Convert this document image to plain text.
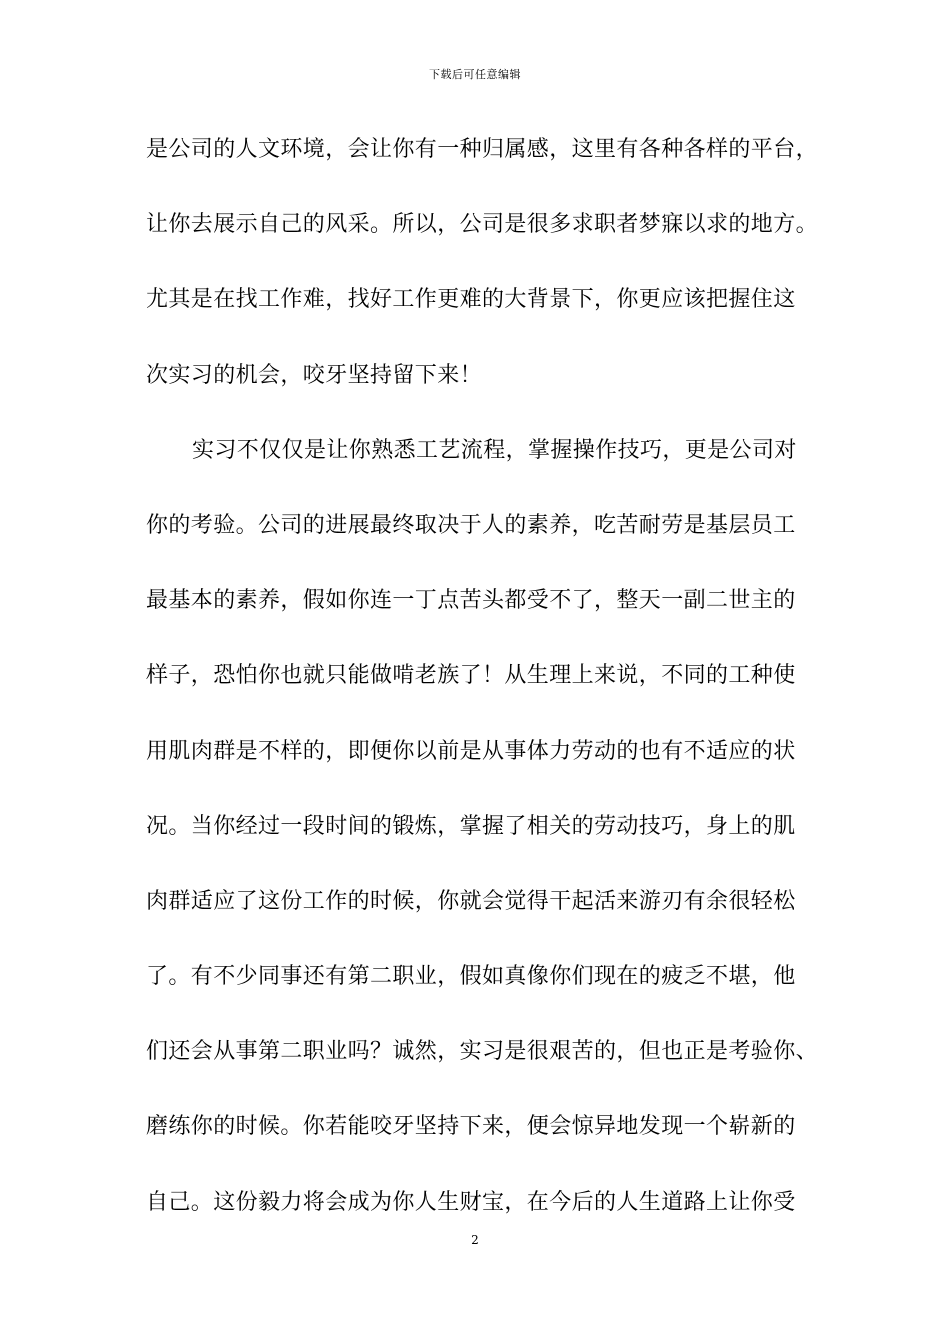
下载后可任意编辑
是公司的人文环境，会让你有一种归属感，这里有各种各样的平台，
让你去展示自己的风采。所以，公司是很多求职者梦寐以求的地方。
尤其是在找工作难，找好工作更难的大背景下，你更应该把握住这
次实习的机会，咬牙坚持留下来！
实习不仅仅是让你熟悉工艺流程，掌握操作技巧，更是公司对
你的考验。公司的进展最终取决于人的素养，吃苦耐劳是基层员工
最基本的素养，假如你连一丁点苦头都受不了，整天一副二世主的
样子，恐怕你也就只能做啃老族了！从生理上来说，不同的工种使
用肌肉群是不样的，即便你以前是从事体力劳动的也有不适应的状
况。当你经过一段时间的锻炼，掌握了相关的劳动技巧，身上的肌
肉群适应了这份工作的时候，你就会觉得干起活来游刃有余很轻松
了。有不少同事还有第二职业，假如真像你们现在的疲乏不堪，他
们还会从事第二职业吗？诚然，实习是很艰苦的，但也正是考验你、
磨练你的时候。你若能咬牙坚持下来，便会惊异地发现一个崭新的
自己。这份毅力将会成为你人生财宝，在今后的人生道路上让你受
2
